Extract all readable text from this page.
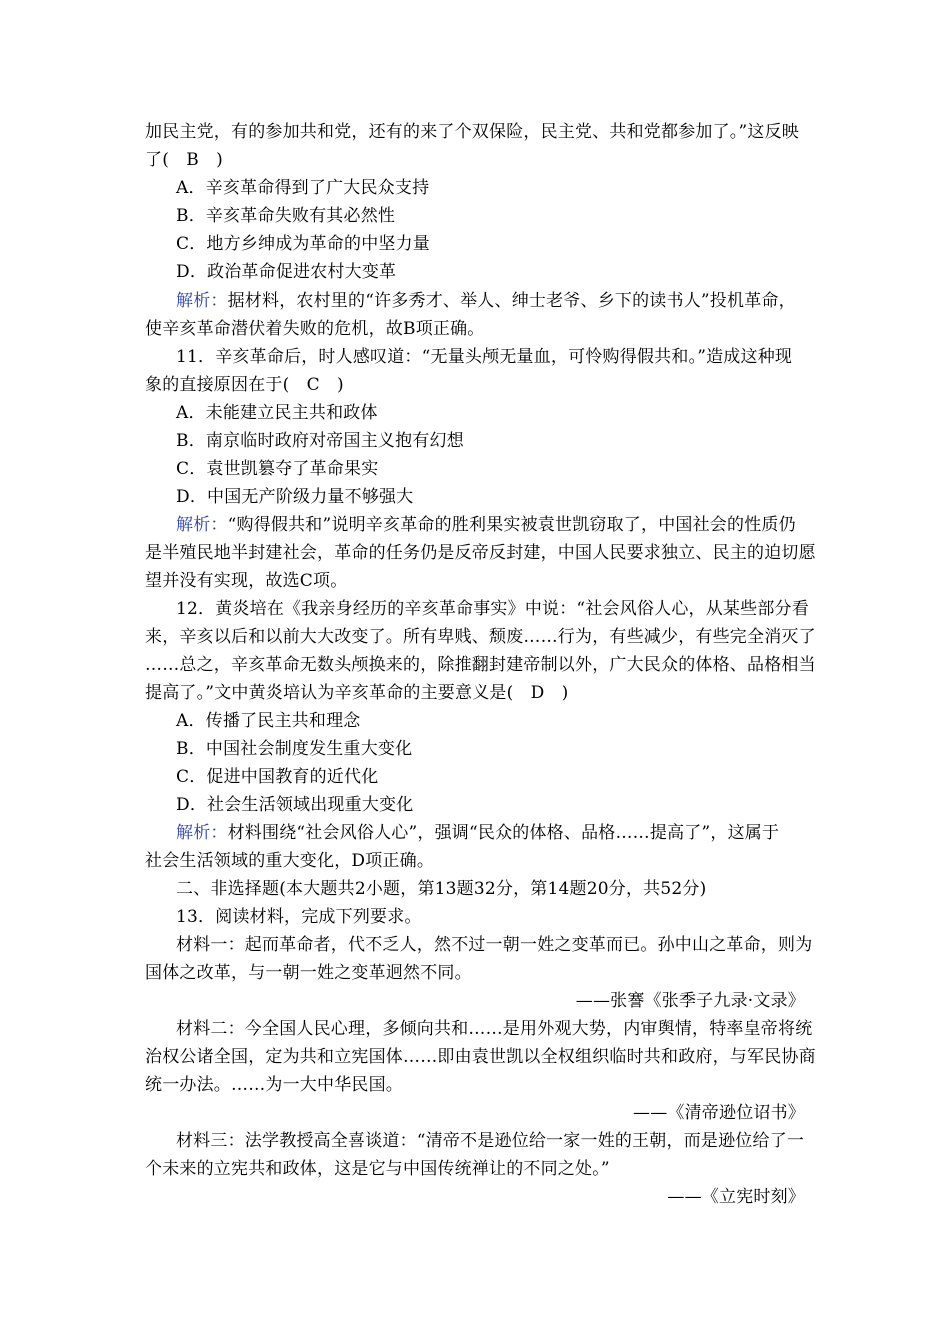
加民主党，有的参加共和党，还有的来了个双保险，民主党、共和党都参加了。”这反映
了(　B　)
A．辛亥革命得到了广大民众支持
B．辛亥革命失败有其必然性
C．地方乡绅成为革命的中坚力量
D．政治革命促进农村大变革
解析：据材料，农村里的“许多秀才、举人、绅士老爷、乡下的读书人”投机革命，
使辛亥革命潜伏着失败的危机，故B项正确。
11．辛亥革命后，时人感叹道：“无量头颅无量血，可怜购得假共和。”造成这种现
象的直接原因在于(　C　)
A．未能建立民主共和政体
B．南京临时政府对帝国主义抱有幻想
C．袁世凯篡夺了革命果实
D．中国无产阶级力量不够强大
解析：“购得假共和”说明辛亥革命的胜利果实被袁世凯窃取了，中国社会的性质仍
是半殖民地半封建社会，革命的任务仍是反帝反封建，中国人民要求独立、民主的迫切愿
望并没有实现，故选C项。
12．黄炎培在《我亲身经历的辛亥革命事实》中说：“社会风俗人心，从某些部分看
来，辛亥以后和以前大大改变了。所有卑贱、颓废……行为，有些减少，有些完全消灭了
……总之，辛亥革命无数头颅换来的，除推翻封建帝制以外，广大民众的体格、品格相当
提高了。”文中黄炎培认为辛亥革命的主要意义是(　D　)
A．传播了民主共和理念
B．中国社会制度发生重大变化
C．促进中国教育的近代化
D．社会生活领域出现重大变化
解析：材料围绕“社会风俗人心”，强调“民众的体格、品格……提高了”，这属于
社会生活领域的重大变化，D项正确。
二、非选择题(本大题共2小题，第13题32分，第14题20分，共52分)
13．阅读材料，完成下列要求。
材料一：起而革命者，代不乏人，然不过一朝一姓之变革而已。孙中山之革命，则为
国体之改革，与一朝一姓之变革迥然不同。
——张謇《张季子九录·文录》
材料二：今全国人民心理，多倾向共和……是用外观大势，内审舆情，特率皇帝将统
治权公诸全国，定为共和立宪国体……即由袁世凯以全权组织临时共和政府，与军民协商
统一办法。……为一大中华民国。
——《清帝逊位诏书》
材料三：法学教授高全喜谈道：“清帝不是逊位给一家一姓的王朝，而是逊位给了一
个未来的立宪共和政体，这是它与中国传统禅让的不同之处。”
——《立宪时刻》
